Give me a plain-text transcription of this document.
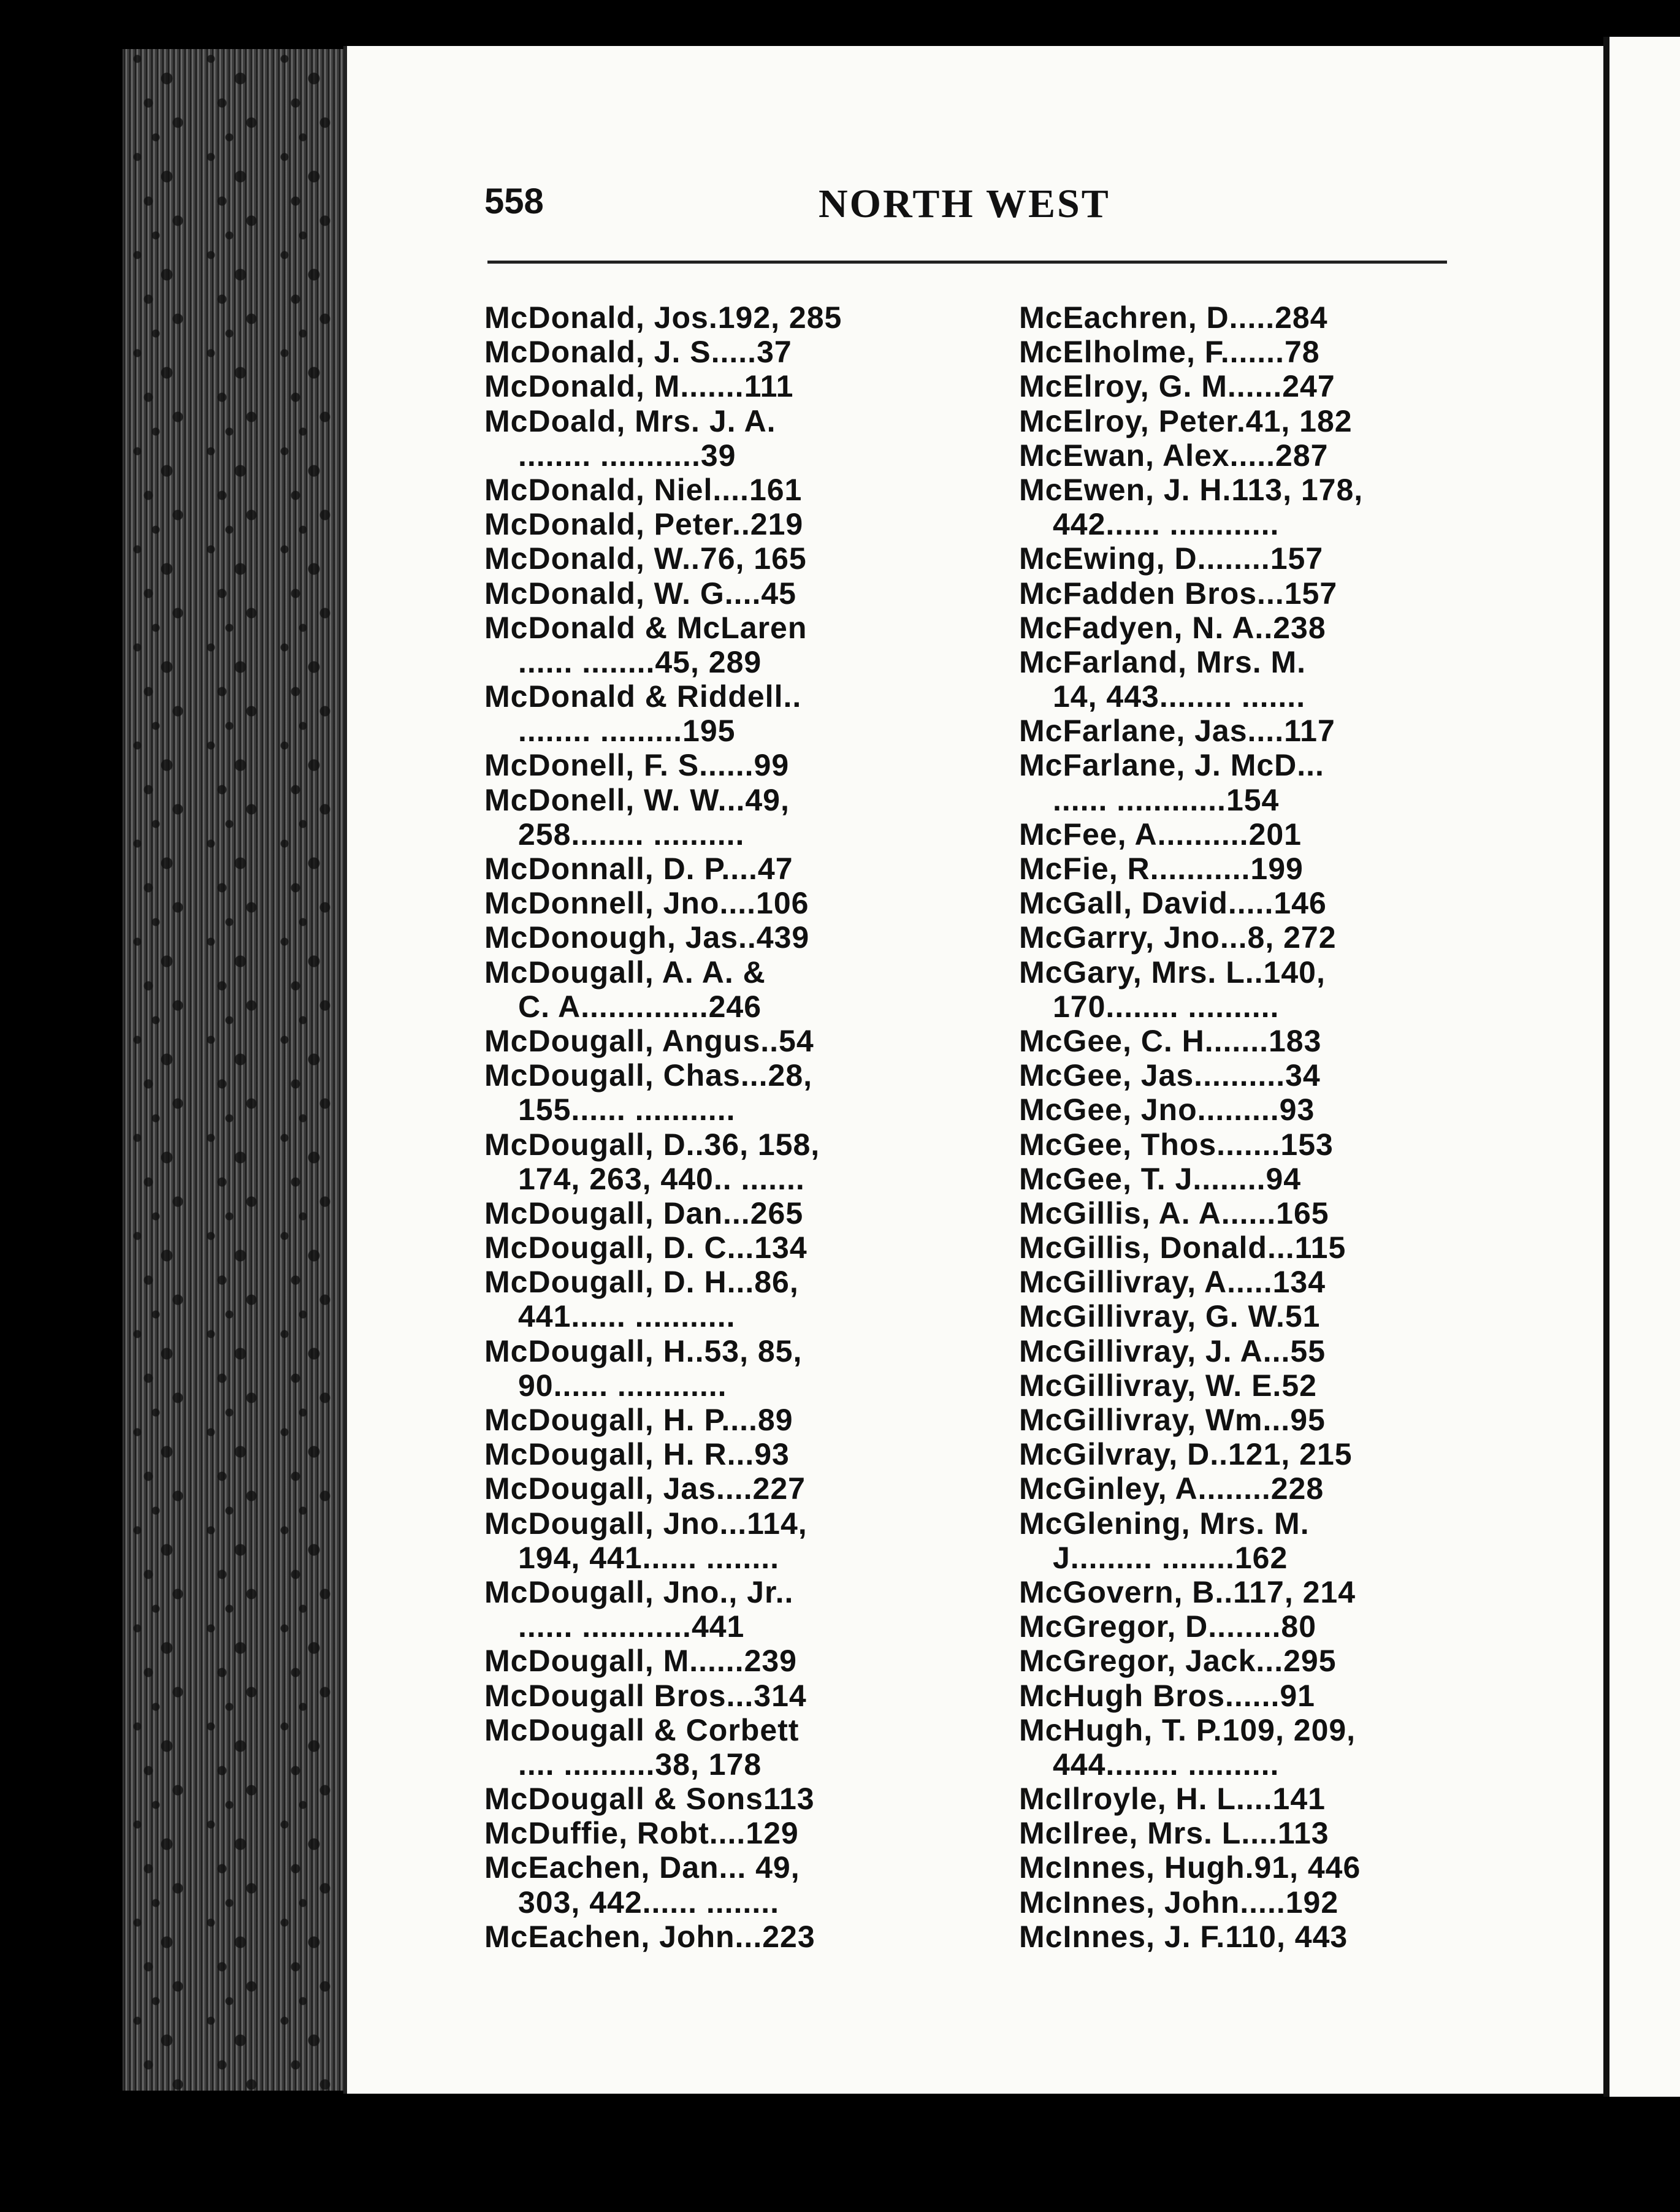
558	NORTH WEST
McDonald, Jos.192, 285
McDonald, J. S.....37
McDonald, M.......111
McDoald, Mrs. J. A.
........ ...........39
McDonald, Niel....161
McDonald, Peter..219
McDonald, W..76, 165
McDonald, W. G....45
McDonald & McLaren
...... ........45, 289
McDonald & Riddell..
........ .........195
McDonell, F. S......99
McDonell, W. W...49,
258........ ..........
McDonnall, D. P....47
McDonnell, Jno....106
McDonough, Jas..439
McDougall, A. A. &
C. A..............246
McDougall, Angus..54
McDougall, Chas...28,
155...... ...........
McDougall, D..36, 158,
174, 263, 440.. .......
McDougall, Dan...265
McDougall, D. C...134
McDougall, D. H...86,
441...... ...........
McDougall, H..53, 85,
90...... ............
McDougall, H. P....89
McDougall, H. R...93
McDougall, Jas....227
McDougall, Jno...114,
194, 441...... ........
McDougall, Jno., Jr..
...... ............441
McDougall, M......239
McDougall Bros...314
McDougall & Corbett
.... ..........38, 178
McDougall & Sons113
McDuffie, Robt....129
McEachen, Dan... 49,
303, 442...... ........
McEachen, John...223
McEachren, D.....284
McElholme, F.......78
McElroy, G. M......247
McElroy, Peter.41, 182
McEwan, Alex.....287
McEwen, J. H.113, 178,
442...... ............
McEwing, D........157
McFadden Bros...157
McFadyen, N. A..238
McFarland, Mrs. M.
14, 443........ .......
McFarlane, Jas....117
McFarlane, J. McD...
...... ............154
McFee, A..........201
McFie, R...........199
McGall, David.....146
McGarry, Jno...8, 272
McGary, Mrs. L..140,
170........ ..........
McGee, C. H.......183
McGee, Jas..........34
McGee, Jno.........93
McGee, Thos.......153
McGee, T. J........94
McGillis, A. A......165
McGillis, Donald...115
McGillivray, A.....134
McGillivray, G. W.51
McGillivray, J. A...55
McGillivray, W. E.52
McGillivray, Wm...95
McGilvray, D..121, 215
McGinley, A........228
McGlening, Mrs. M.
J......... ........162
McGovern, B..117, 214
McGregor, D........80
McGregor, Jack...295
McHugh Bros......91
McHugh, T. P.109, 209,
444........ ..........
McIlroyle, H. L....141
McIlree, Mrs. L....113
McInnes, Hugh.91, 446
McInnes, John.....192
McInnes, J. F.110, 443
